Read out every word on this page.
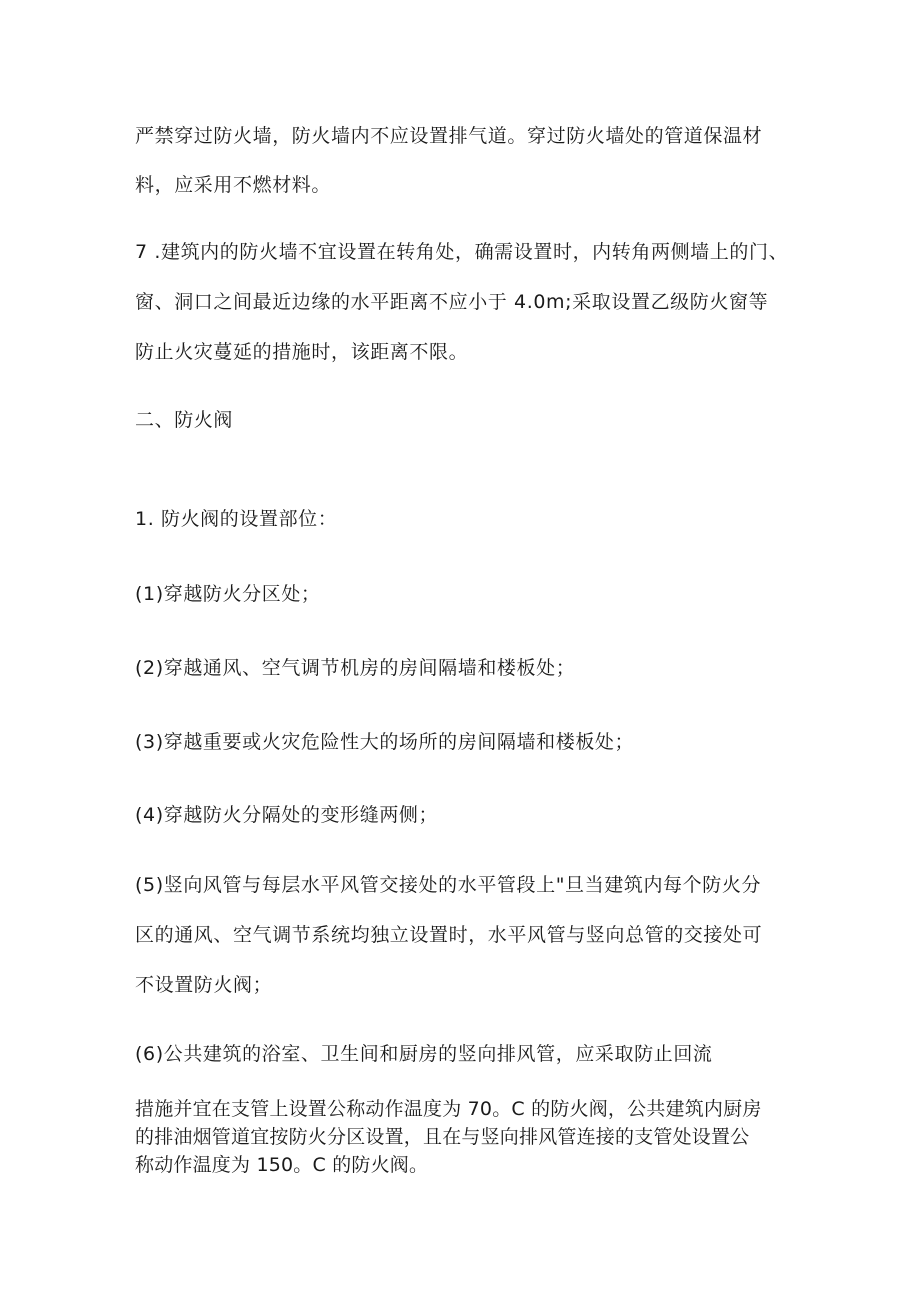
严禁穿过防火墙，防火墙内不应设置排气道。穿过防火墙处的管道保温材
料，应采用不燃材料。
7 .建筑内的防火墙不宜设置在转角处，确需设置时，内转角两侧墙上的门、
窗、洞口之间最近边缘的水平距离不应小于 4.0m;采取设置乙级防火窗等
防止火灾蔓延的措施时，该距离不限。
二、防火阀
1. 防火阀的设置部位：
(1)穿越防火分区处；
(2)穿越通风、空气调节机房的房间隔墙和楼板处；
(3)穿越重要或火灾危险性大的场所的房间隔墙和楼板处；
(4)穿越防火分隔处的变形缝两侧；
(5)竖向风管与每层水平风管交接处的水平管段上"旦当建筑内每个防火分
区的通风、空气调节系统均独立设置时，水平风管与竖向总管的交接处可
不设置防火阀；
(6)公共建筑的浴室、卫生间和厨房的竖向排风管，应采取防止回流
措施并宜在支管上设置公称动作温度为 70。C 的防火阀，公共建筑内厨房
的排油烟管道宜按防火分区设置，且在与竖向排风管连接的支管处设置公
称动作温度为 150。C 的防火阀。
